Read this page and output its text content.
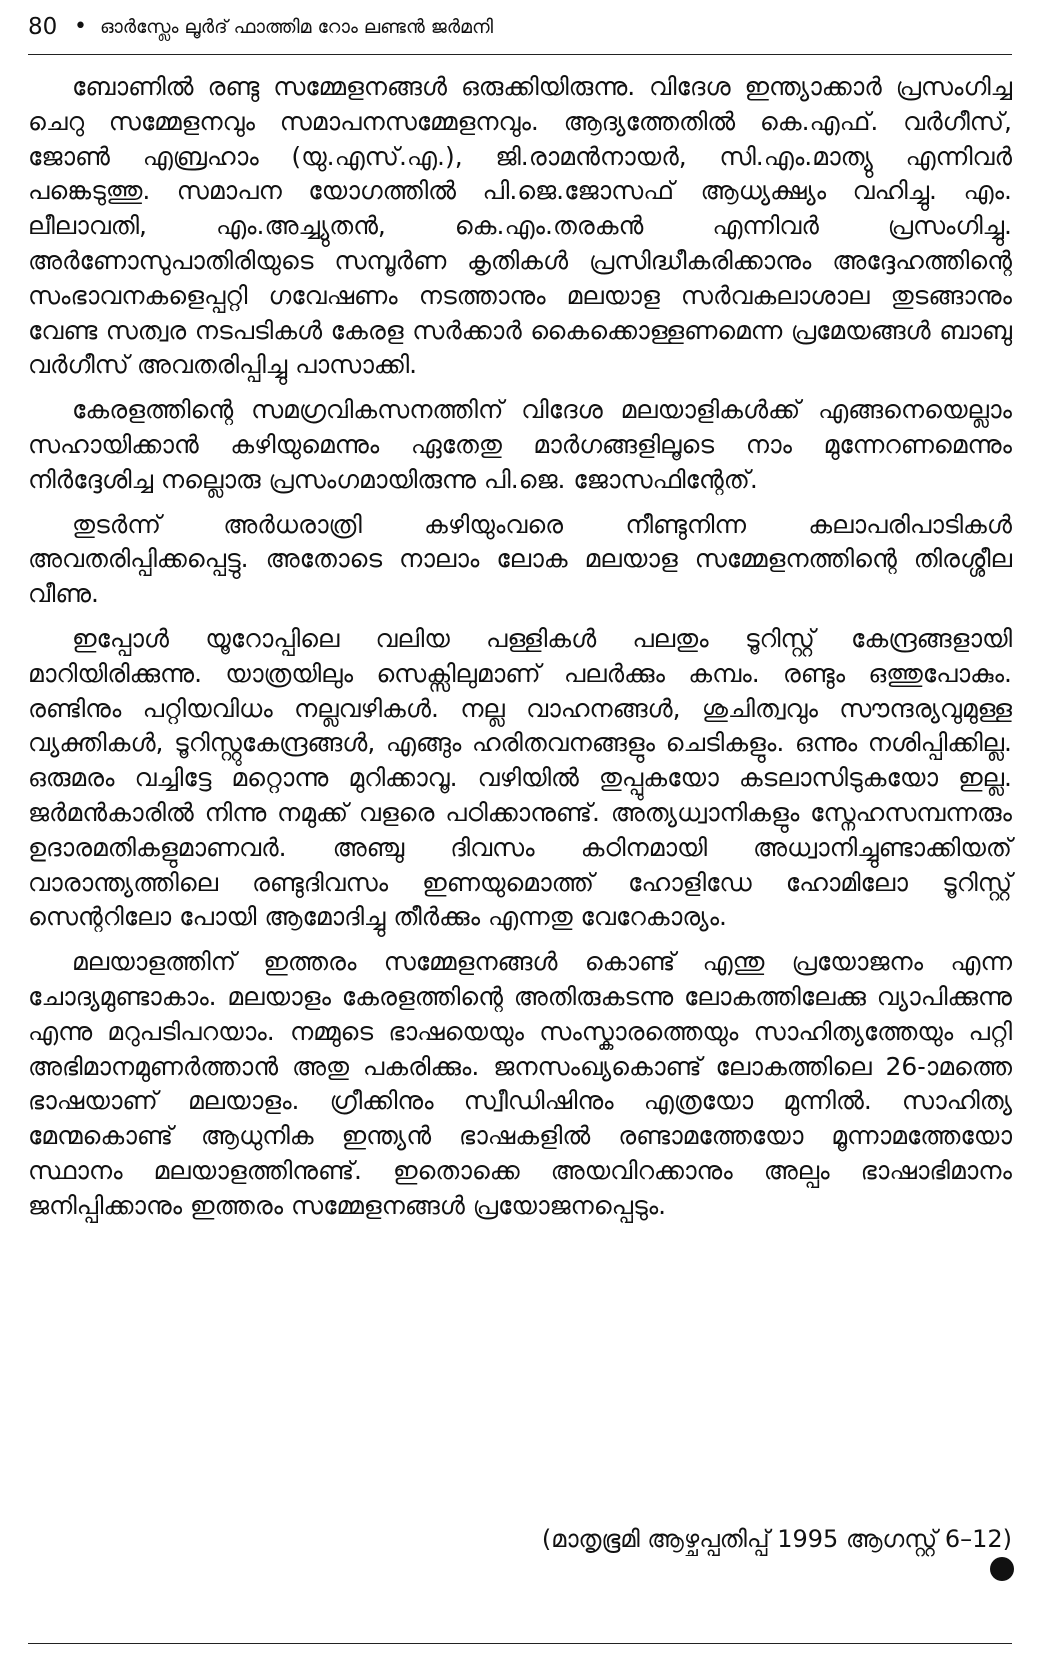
80 • ഓർസ്ലേം ലൂർദ് ഫാത്തിമ റോം ലണ്ടൻ ജർമനി

ബോണിൽ രണ്ടു സമ്മേളനങ്ങൾ ഒരുക്കിയിരുന്നു. വിദേശ ഇന്ത്യാക്കാർ പ്രസംഗിച്ച ചെറു സമ്മേളനവും സമാപനസമ്മേളനവും. ആദ്യത്തേതിൽ കെ.എഫ്. വർഗീസ്, ജോൺ എബ്രഹാം (യു.എസ്.എ.), ജി.രാമൻനായർ, സി.എം.മാത്യു എന്നിവർ പങ്കെടുത്തു. സമാപന യോഗത്തിൽ പി.ജെ.ജോസഫ് ആധ്യക്ഷ്യം വഹിച്ചു. എം. ലീലാവതി, എം.അച്ച്യുതൻ, കെ.എം.തരകൻ എന്നിവർ പ്രസംഗിച്ചു. അർണോസുപാതിരിയുടെ സമ്പൂർണ കൃതികൾ പ്രസിദ്ധീകരിക്കാനും അദ്ദേഹത്തിന്റെ സംഭാവനകളെപ്പറ്റി ഗവേഷണം നടത്താനും മലയാള സർവകലാശാല തുടങ്ങാനും വേണ്ട സത്വര നടപടികൾ കേരള സർക്കാർ കൈക്കൊള്ളണമെന്ന പ്രമേയങ്ങൾ ബാബു വർഗീസ് അവതരിപ്പിച്ചു പാസാക്കി.

കേരളത്തിന്റെ സമഗ്രവികസനത്തിന് വിദേശ മലയാളികൾക്ക് എങ്ങനെയെല്ലാം സഹായിക്കാൻ കഴിയുമെന്നും ഏതേതു മാർഗങ്ങളിലൂടെ നാം മുന്നേറണമെന്നും നിർദ്ദേശിച്ച നല്ലൊരു പ്രസംഗമായിരുന്നു പി.ജെ. ജോസഫിന്റേത്.

തുടർന്ന് അർധരാത്രി കഴിയുംവരെ നീണ്ടുനിന്ന കലാപരിപാടികൾ അവതരിപ്പിക്കപ്പെട്ടു. അതോടെ നാലാം ലോക മലയാള സമ്മേളനത്തിന്റെ തിരശ്ശീല വീണു.

ഇപ്പോൾ യൂറോപ്പിലെ വലിയ പള്ളികൾ പലതും ടൂറിസ്റ്റ് കേന്ദ്രങ്ങളായി മാറിയിരിക്കുന്നു. യാത്രയിലും സെക്സിലുമാണ് പലർക്കും കമ്പം. രണ്ടും ഒത്തുപോകും. രണ്ടിനും പറ്റിയവിധം നല്ലവഴികൾ. നല്ല വാഹനങ്ങൾ, ശുചിത്വവും സൗന്ദര്യവുമുള്ള വ്യക്തികൾ, ടൂറിസ്റ്റുകേന്ദ്രങ്ങൾ, എങ്ങും ഹരിതവനങ്ങളും ചെടികളും. ഒന്നും നശിപ്പിക്കില്ല. ഒരുമരം വച്ചിട്ടേ മറ്റൊന്നു മുറിക്കാവൂ. വഴിയിൽ തുപ്പുകയോ കടലാസിടുകയോ ഇല്ല. ജർമൻകാരിൽ നിന്നു നമുക്ക് വളരെ പഠിക്കാനുണ്ട്. അത്യധ്വാനികളും സ്നേഹസമ്പന്നരും ഉദാരമതികളുമാണവർ. അഞ്ചു ദിവസം കഠിനമായി അധ്വാനിച്ചുണ്ടാക്കിയത് വാരാന്ത്യത്തിലെ രണ്ടുദിവസം ഇണയുമൊത്ത് ഹോളിഡേ ഹോമിലോ ടൂറിസ്റ്റ് സെന്ററിലോ പോയി ആമോദിച്ചു തീർക്കും എന്നതു വേറേകാര്യം.

മലയാളത്തിന് ഇത്തരം സമ്മേളനങ്ങൾ കൊണ്ട് എന്തു പ്രയോജനം എന്ന ചോദ്യമുണ്ടാകാം. മലയാളം കേരളത്തിന്റെ അതിരുകടന്നു ലോകത്തിലേക്കു വ്യാപിക്കുന്നു എന്നു മറുപടിപറയാം. നമ്മുടെ ഭാഷയെയും സംസ്കാരത്തെയും സാഹിത്യത്തേയും പറ്റി അഭിമാനമുണർത്താൻ അതു പകരിക്കും. ജനസംഖ്യകൊണ്ട് ലോകത്തിലെ 26-ാമത്തെ ഭാഷയാണ് മലയാളം. ഗ്രീക്കിനും സ്വീഡിഷിനും എത്രയോ മുന്നിൽ. സാഹിത്യ മേന്മകൊണ്ട് ആധുനിക ഇന്ത്യൻ ഭാഷകളിൽ രണ്ടാമത്തേയോ മൂന്നാമത്തേയോ സ്ഥാനം മലയാളത്തിനുണ്ട്. ഇതൊക്കെ അയവിറക്കാനും അല്പം ഭാഷാഭിമാനം ജനിപ്പിക്കാനും ഇത്തരം സമ്മേളനങ്ങൾ പ്രയോജനപ്പെടും.

(മാതൃഭൂമി ആഴ്ചപ്പതിപ്പ് 1995 ആഗസ്റ്റ് 6–12)
